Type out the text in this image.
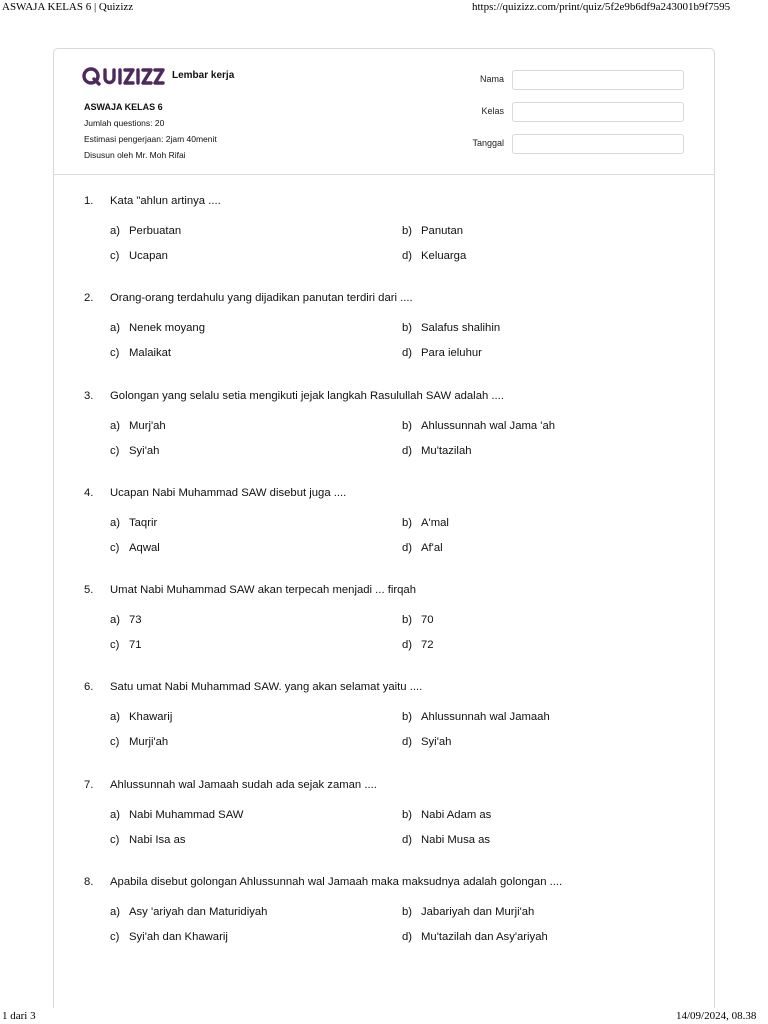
ASWAJA KELAS 6 | Quizizz	https://quizizz.com/print/quiz/5f2e9b6df9a243001b9f7595
Lembar kerja
ASWAJA KELAS 6
Jumlah questions: 20
Estimasi pengerjaan: 2jam 40menit
Disusun oleh Mr. Moh Rifai
Nama
Kelas
Tanggal
1. Kata "ahlun artinya ....
a) Perbuatan	b) Panutan
c) Ucapan	d) Keluarga
2. Orang-orang terdahulu yang dijadikan panutan terdiri dari ....
a) Nenek moyang	b) Salafus shalihin
c) Malaikat	d) Para ieluhur
3. Golongan yang selalu setia mengikuti jejak langkah Rasulullah SAW adalah ....
a) Murj'ah	b) Ahlussunnah wal Jama 'ah
c) Syi'ah	d) Mu'tazilah
4. Ucapan Nabi Muhammad SAW disebut juga ....
a) Taqrir	b) A'mal
c) Aqwal	d) Af'al
5. Umat Nabi Muhammad SAW akan terpecah menjadi ... firqah
a) 73	b) 70
c) 71	d) 72
6. Satu umat Nabi Muhammad SAW. yang akan selamat yaitu ....
a) Khawarij	b) Ahlussunnah wal Jamaah
c) Murji'ah	d) Syi'ah
7. Ahlussunnah wal Jamaah sudah ada sejak zaman ....
a) Nabi Muhammad SAW	b) Nabi Adam as
c) Nabi Isa as	d) Nabi Musa as
8. Apabila disebut golongan Ahlussunnah wal Jamaah maka maksudnya adalah golongan ....
a) Asy 'ariyah dan Maturidiyah	b) Jabariyah dan Murji'ah
c) Syi'ah dan Khawarij	d) Mu'tazilah dan Asy'ariyah
1 dari 3	14/09/2024, 08.38
